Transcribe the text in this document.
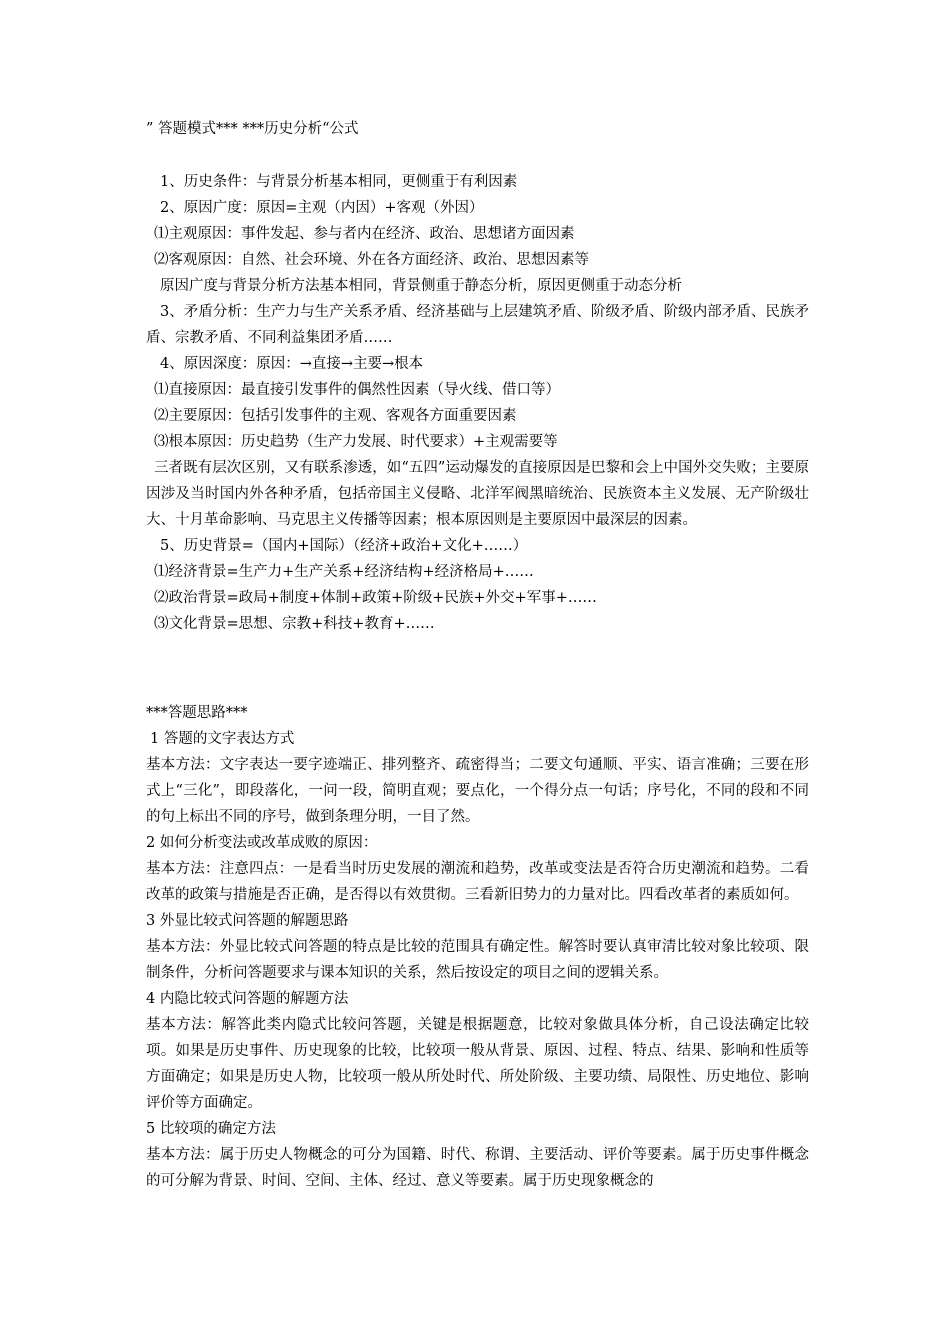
” 答题模式*** ***历史分析“公式
1、历史条件：与背景分析基本相同，更侧重于有利因素
2、原因广度：原因=主观（内因）+客观（外因）
⑴主观原因：事件发起、参与者内在经济、政治、思想诸方面因素
⑵客观原因：自然、社会环境、外在各方面经济、政治、思想因素等
原因广度与背景分析方法基本相同，背景侧重于静态分析，原因更侧重于动态分析
3、矛盾分析：生产力与生产关系矛盾、经济基础与上层建筑矛盾、阶级矛盾、阶级内部矛盾、民族矛盾、宗教矛盾、不同利益集团矛盾……
4、原因深度：原因：→直接→主要→根本
⑴直接原因：最直接引发事件的偶然性因素（导火线、借口等）
⑵主要原因：包括引发事件的主观、客观各方面重要因素
⑶根本原因：历史趋势（生产力发展、时代要求）+主观需要等
三者既有层次区别，又有联系渗透，如“五四”运动爆发的直接原因是巴黎和会上中国外交失败；主要原因涉及当时国内外各种矛盾，包括帝国主义侵略、北洋军阀黑暗统治、民族资本主义发展、无产阶级壮大、十月革命影响、马克思主义传播等因素；根本原因则是主要原因中最深层的因素。
5、历史背景=（国内+国际）（经济+政治+文化+……）
⑴经济背景=生产力+生产关系+经济结构+经济格局+……
⑵政治背景=政局+制度+体制+政策+阶级+民族+外交+军事+……
⑶文化背景=思想、宗教+科技+教育+……
***答题思路***
1 答题的文字表达方式
基本方法：文字表达一要字迹端正、排列整齐、疏密得当；二要文句通顺、平实、语言准确；三要在形式上“三化”，即段落化，一问一段，简明直观；要点化，一个得分点一句话；序号化，不同的段和不同的句上标出不同的序号，做到条理分明，一目了然。
2 如何分析变法或改革成败的原因：
基本方法：注意四点：一是看当时历史发展的潮流和趋势，改革或变法是否符合历史潮流和趋势。二看改革的政策与措施是否正确，是否得以有效贯彻。三看新旧势力的力量对比。四看改革者的素质如何。
3 外显比较式问答题的解题思路
基本方法：外显比较式问答题的特点是比较的范围具有确定性。解答时要认真审清比较对象比较项、限制条件，分析问答题要求与课本知识的关系，然后按设定的项目之间的逻辑关系。
4 内隐比较式问答题的解题方法
基本方法：解答此类内隐式比较问答题，关键是根据题意，比较对象做具体分析，自己设法确定比较项。如果是历史事件、历史现象的比较，比较项一般从背景、原因、过程、特点、结果、影响和性质等方面确定；如果是历史人物，比较项一般从所处时代、所处阶级、主要功绩、局限性、历史地位、影响评价等方面确定。
5 比较项的确定方法
基本方法：属于历史人物概念的可分为国籍、时代、称谓、主要活动、评价等要素。属于历史事件概念的可分解为背景、时间、空间、主体、经过、意义等要素。属于历史现象概念的
